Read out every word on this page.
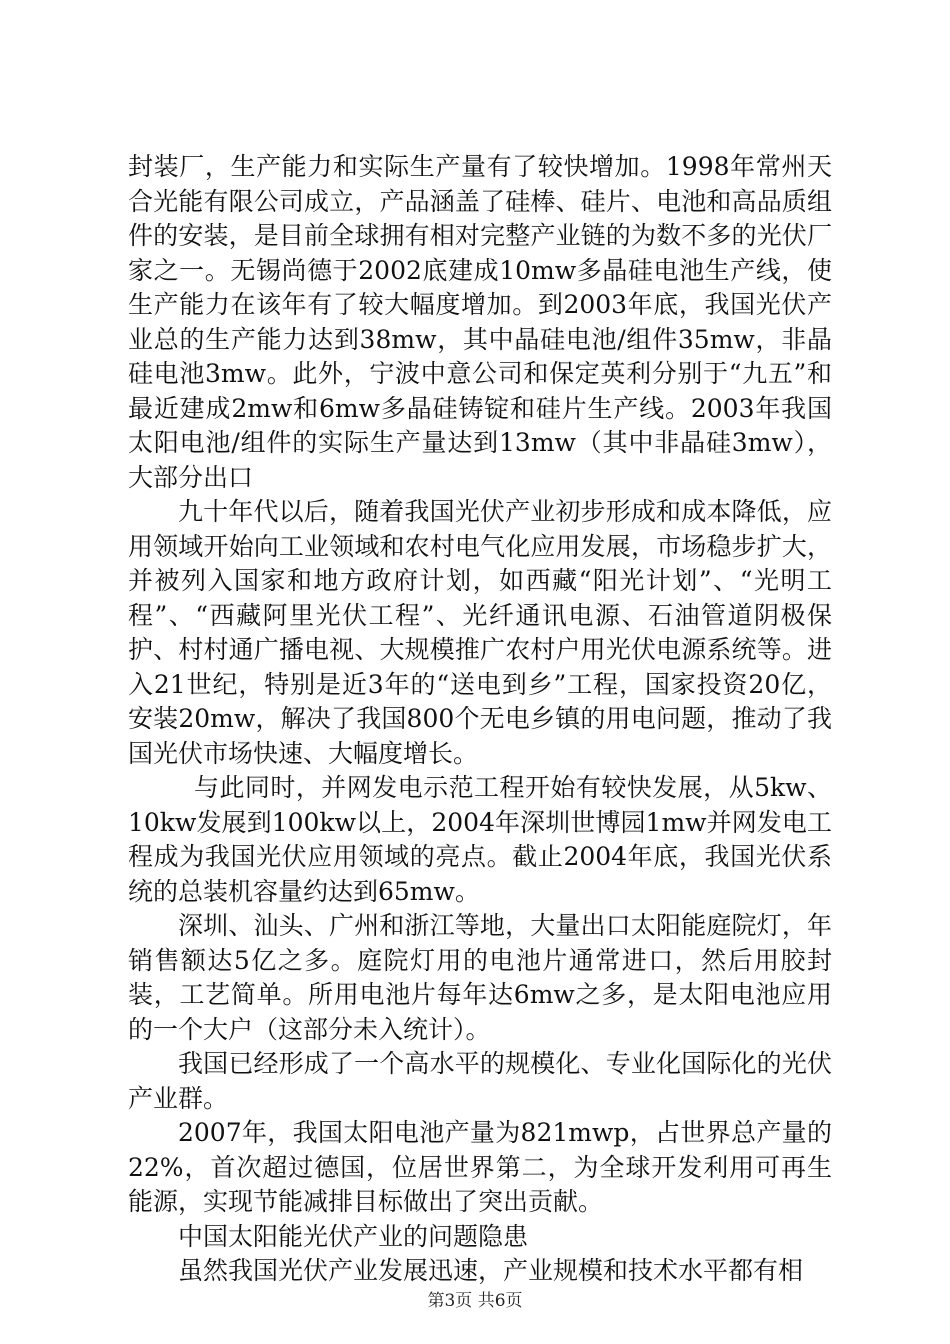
封装厂，生产能力和实际生产量有了较快增加。1998年常州天合光能有限公司成立，产品涵盖了硅棒、硅片、电池和高品质组件的安装，是目前全球拥有相对完整产业链的为数不多的光伏厂家之一。无锡尚德于2002底建成10mw多晶硅电池生产线，使生产能力在该年有了较大幅度增加。到2003年底，我国光伏产业总的生产能力达到38mw，其中晶硅电池/组件35mw，非晶硅电池3mw。此外，宁波中意公司和保定英利分别于“九五”和最近建成2mw和6mw多晶硅铸锭和硅片生产线。2003年我国太阳电池/组件的实际生产量达到13mw（其中非晶硅3mw），大部分出口

九十年代以后，随着我国光伏产业初步形成和成本降低，应用领域开始向工业领域和农村电气化应用发展，市场稳步扩大，并被列入国家和地方政府计划，如西藏“阳光计划”、“光明工程”、“西藏阿里光伏工程”、光纤通讯电源、石油管道阴极保护、村村通广播电视、大规模推广农村户用光伏电源系统等。进入21世纪，特别是近3年的“送电到乡”工程，国家投资20亿，安装20mw，解决了我国800个无电乡镇的用电问题，推动了我国光伏市场快速、大幅度增长。

与此同时，并网发电示范工程开始有较快发展，从5kw、10kw发展到100kw以上，2004年深圳世博园1mw并网发电工程成为我国光伏应用领域的亮点。截止2004年底，我国光伏系统的总装机容量约达到65mw。

深圳、汕头、广州和浙江等地，大量出口太阳能庭院灯，年销售额达5亿之多。庭院灯用的电池片通常进口，然后用胶封装，工艺简单。所用电池片每年达6mw之多，是太阳电池应用的一个大户（这部分未入统计）。

我国已经形成了一个高水平的规模化、专业化国际化的光伏产业群。

2007年，我国太阳电池产量为821mwp，占世界总产量的22%，首次超过德国，位居世界第二，为全球开发利用可再生能源，实现节能减排目标做出了突出贡献。

中国太阳能光伏产业的问题隐患

虽然我国光伏产业发展迅速，产业规模和技术水平都有相

第3页 共6页
